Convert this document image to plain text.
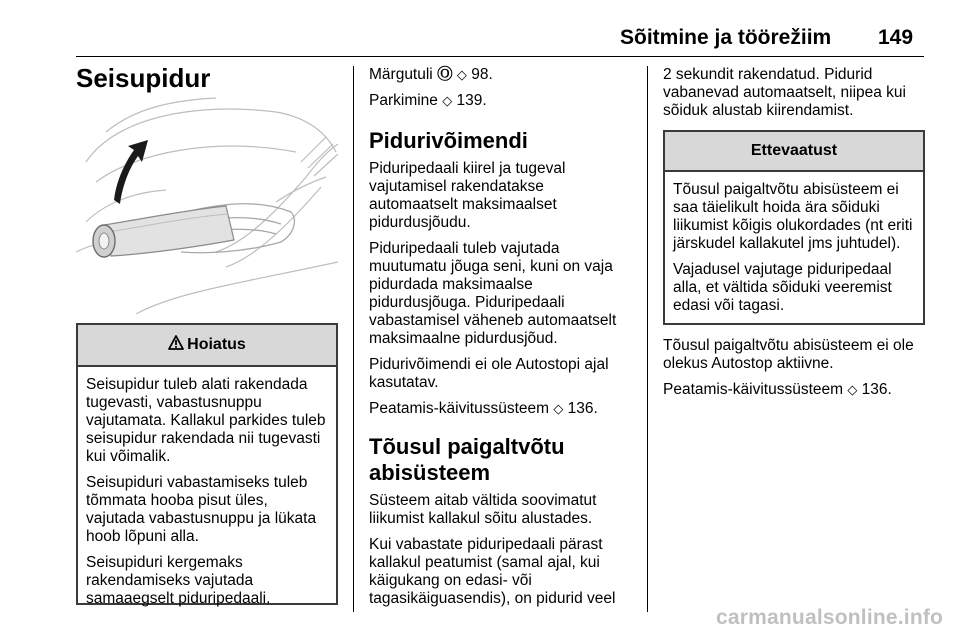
Sõitmine ja töörežiim 149
Seisupidur
Hoiatus

Seisupidur tuleb alati rakendada tugevasti, vabastusnuppu vajutamata. Kallakul parkides tuleb seisupidur rakendada nii tugevasti kui võimalik.

Seisupiduri vabastamiseks tuleb tõmmata hooba pisut üles, vajutada vabastusnuppu ja lükata hoob lõpuni alla.

Seisupiduri kergemaks rakendamiseks vajutada samaaegselt piduripedaali.

Märgutuli Ⓞ ◇ 98.

Parkimine ◇ 139.

Pidurivõimendi

Piduripedaali kiirel ja tugeval vajutamisel rakendatakse automaatselt maksimaalset pidurdusjõudu.

Piduripedaali tuleb vajutada muutumatu jõuga seni, kuni on vaja pidurdada maksimaalse pidurdusjõuga. Piduripedaali vabastamisel väheneb automaatselt maksimaalne pidurdusjõud.

Pidurivõimendi ei ole Autostopi ajal kasutatav.

Peatamis-käivitussüsteem ◇ 136.

Tõusul paigaltvõtu abisüsteem

Süsteem aitab vältida soovimatut liikumist kallakul sõitu alustades.

Kui vabastate piduripedaali pärast kallakul peatumist (samal ajal, kui käigukang on edasi- või tagasikäiguasendis), on pidurid veel

2 sekundit rakendatud. Pidurid vabanevad automaatselt, niipea kui sõiduk alustab kiirendamist.

Ettevaatust

Tõusul paigaltvõtu abisüsteem ei saa täielikult hoida ära sõiduki liikumist kõigis olukordades (nt eriti järskudel kallakutel jms juhtudel).

Vajadusel vajutage piduripedaal alla, et vältida sõiduki veeremist edasi või tagasi.

Tõusul paigaltvõtu abisüsteem ei ole olekus Autostop aktiivne.

Peatamis-käivitussüsteem ◇ 136.

carmanualsonline.info
